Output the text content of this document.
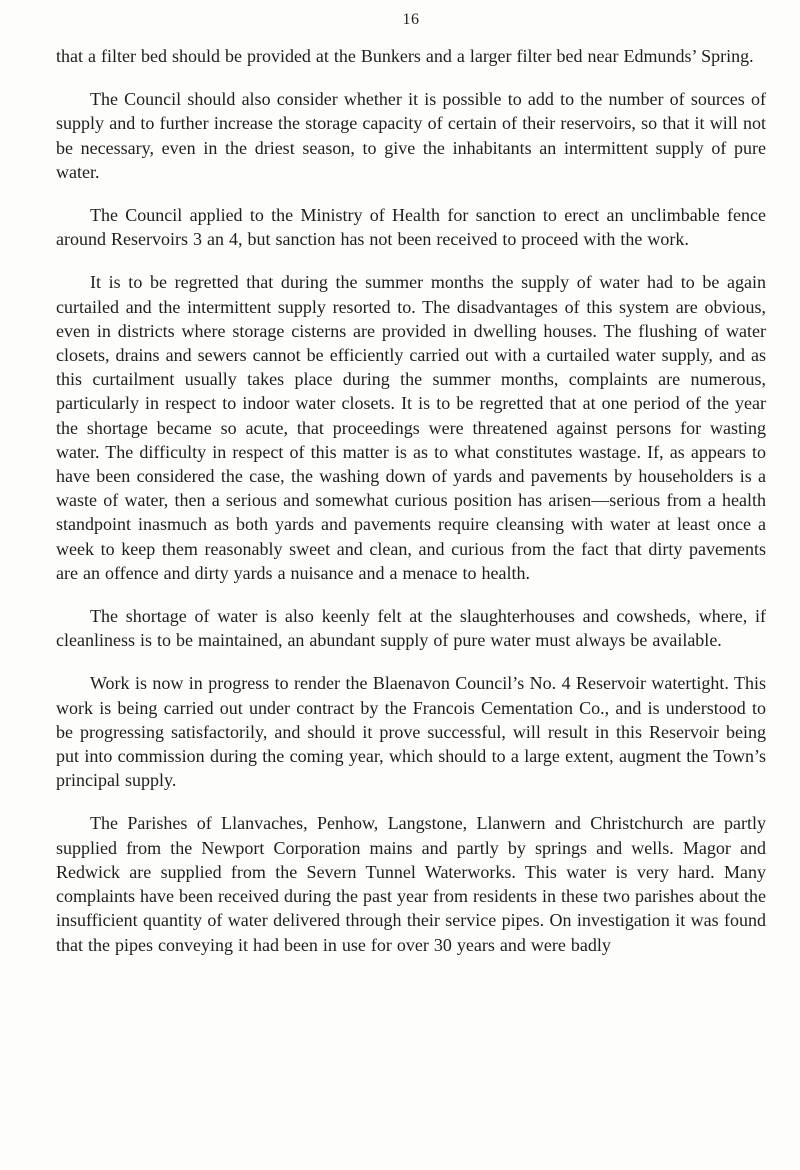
16

that a filter bed should be provided at the Bunkers and a larger filter bed near Edmunds’ Spring.

The Council should also consider whether it is possible to add to the number of sources of supply and to further increase the storage capacity of certain of their reservoirs, so that it will not be necessary, even in the driest season, to give the inhabitants an intermittent supply of pure water.

The Council applied to the Ministry of Health for sanction to erect an unclimbable fence around Reservoirs 3 an 4, but sanction has not been received to proceed with the work.

It is to be regretted that during the summer months the supply of water had to be again curtailed and the intermittent supply resorted to. The disadvantages of this system are obvious, even in districts where storage cisterns are provided in dwelling houses. The flushing of water closets, drains and sewers cannot be efficiently carried out with a curtailed water supply, and as this curtailment usually takes place during the summer months, complaints are numerous, particularly in respect to indoor water closets. It is to be regretted that at one period of the year the shortage became so acute, that proceedings were threatened against persons for wasting water. The difficulty in respect of this matter is as to what constitutes wastage. If, as appears to have been considered the case, the washing down of yards and pavements by householders is a waste of water, then a serious and somewhat curious position has arisen—serious from a health standpoint inasmuch as both yards and pavements require cleansing with water at least once a week to keep them reasonably sweet and clean, and curious from the fact that dirty pavements are an offence and dirty yards a nuisance and a menace to health.

The shortage of water is also keenly felt at the slaughterhouses and cowsheds, where, if cleanliness is to be maintained, an abundant supply of pure water must always be available.

Work is now in progress to render the Blaenavon Council’s No. 4 Reservoir watertight. This work is being carried out under contract by the Francois Cementation Co., and is understood to be progressing satisfactorily, and should it prove successful, will result in this Reservoir being put into commission during the coming year, which should to a large extent, augment the Town’s principal supply.

The Parishes of Llanvaches, Penhow, Langstone, Llanwern and Christchurch are partly supplied from the Newport Corporation mains and partly by springs and wells. Magor and Redwick are supplied from the Severn Tunnel Waterworks. This water is very hard. Many complaints have been received during the past year from residents in these two parishes about the insufficient quantity of water delivered through their service pipes. On investigation it was found that the pipes conveying it had been in use for over 30 years and were badly
